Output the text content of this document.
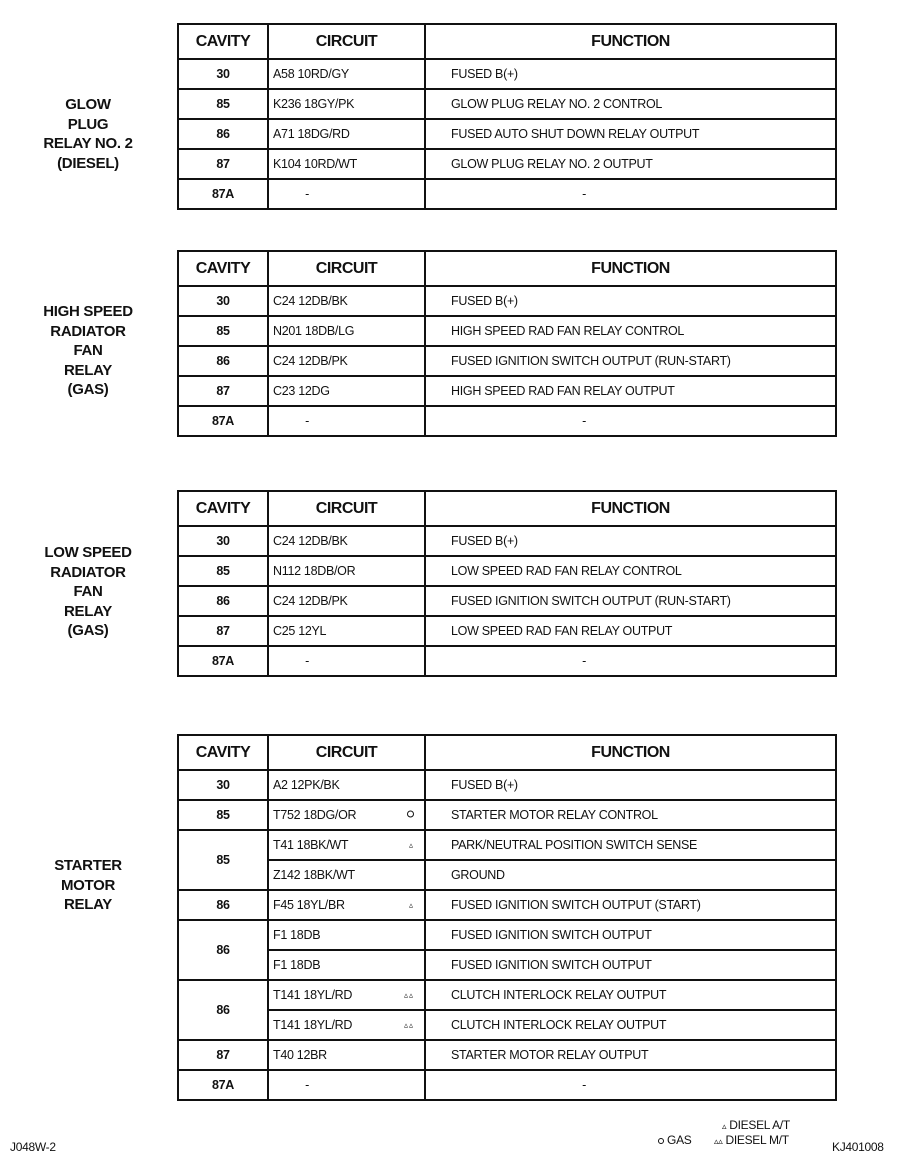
GLOW
PLUG
RELAY NO. 2
(DIESEL)
CAVITY	CIRCUIT	FUNCTION
30	A58 10RD/GY	FUSED B(+)
85	K236 18GY/PK	GLOW PLUG RELAY NO. 2 CONTROL
86	A71 18DG/RD	FUSED AUTO SHUT DOWN RELAY OUTPUT
87	K104 10RD/WT	GLOW PLUG RELAY NO. 2 OUTPUT
87A	-	-
HIGH SPEED
RADIATOR
FAN
RELAY
(GAS)
CAVITY	CIRCUIT	FUNCTION
30	C24 12DB/BK	FUSED B(+)
85	N201 18DB/LG	HIGH SPEED RAD FAN RELAY CONTROL
86	C24 12DB/PK	FUSED IGNITION SWITCH OUTPUT (RUN-START)
87	C23 12DG	HIGH SPEED RAD FAN RELAY OUTPUT
87A	-	-
LOW SPEED
RADIATOR
FAN
RELAY
(GAS)
CAVITY	CIRCUIT	FUNCTION
30	C24 12DB/BK	FUSED B(+)
85	N112 18DB/OR	LOW SPEED RAD FAN RELAY CONTROL
86	C24 12DB/PK	FUSED IGNITION SWITCH OUTPUT (RUN-START)
87	C25 12YL	LOW SPEED RAD FAN RELAY OUTPUT
87A	-	-
STARTER
MOTOR
RELAY
CAVITY	CIRCUIT	FUNCTION
30	A2 12PK/BK	FUSED B(+)
85	T752 18DG/OR	STARTER MOTOR RELAY CONTROL
85	T41 18BK/WT ▵	PARK/NEUTRAL POSITION SWITCH SENSE
	Z142 18BK/WT	GROUND
86	F45 18YL/BR ▵	FUSED IGNITION SWITCH OUTPUT (START)
86	F1 18DB	FUSED IGNITION SWITCH OUTPUT
	F1 18DB	FUSED IGNITION SWITCH OUTPUT
86	T141 18YL/RD ▵▵	CLUTCH INTERLOCK RELAY OUTPUT
	T141 18YL/RD ▵▵	CLUTCH INTERLOCK RELAY OUTPUT
87	T40 12BR	STARTER MOTOR RELAY OUTPUT
87A	-	-
▵ DIESEL A/T
GAS	▵▵ DIESEL M/T
J048W-2	KJ401008
